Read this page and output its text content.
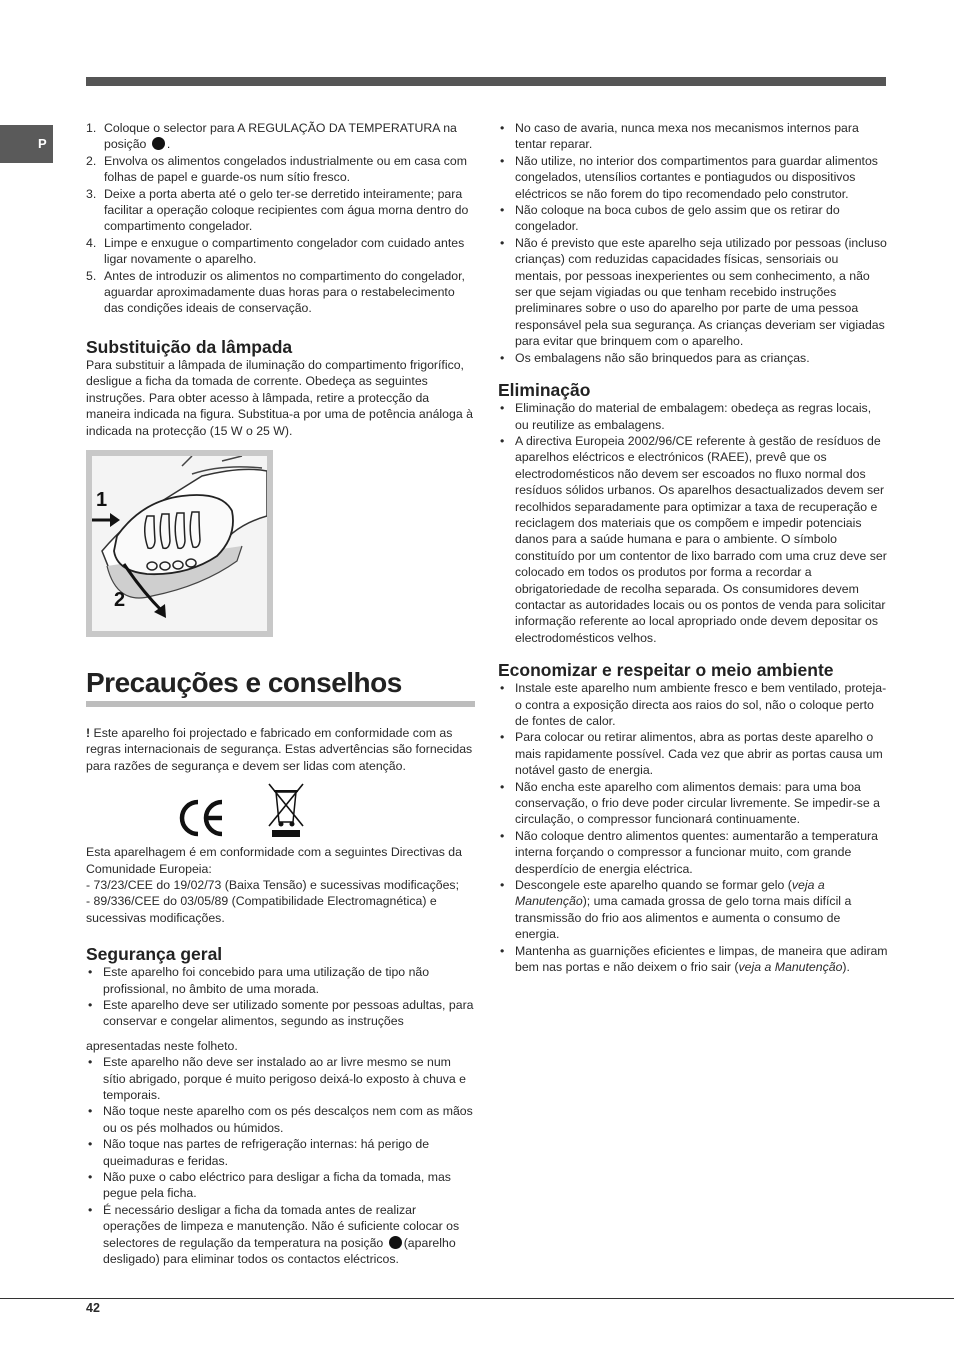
P
1. Coloque o selector para A REGULAÇÃO DA TEMPERATURA na posição .
2. Envolva os alimentos congelados industrialmente ou em casa com folhas de papel e guarde-os num sítio fresco.
3. Deixe a porta aberta até o gelo ter-se derretido inteiramente; para facilitar a operação coloque recipientes com água morna dentro do compartimento congelador.
4. Limpe e enxugue o compartimento congelador com cuidado antes ligar novamente o aparelho.
5. Antes de introduzir os alimentos no compartimento do congelador, aguardar aproximadamente duas horas para o restabelecimento das condições ideais de conservação.
Substituição da lâmpada

Para substituir a lâmpada de iluminação do compartimento frigorífico, desligue a ficha da tomada de corrente. Obedeça as seguintes instruções. Para obter acesso à lâmpada, retire a protecção da maneira indicada na figura. Substitua-a por uma de potência análoga à indicada na protecção (15 W o 25 W).

1
2
Precauções e conselhos

! Este aparelho foi projectado e fabricado em conformidade com as regras internacionais de segurança. Estas advertências são fornecidas para razões de segurança e devem ser lidas com atenção.

Esta aparelhagem é em conformidade com a seguintes Directivas da Comunidade Europeia:
- 73/23/CEE do 19/02/73 (Baixa Tensão) e sucessivas modificações;
- 89/336/CEE do 03/05/89 (Compatibilidade Electromagnética) e sucessivas modificações.

Segurança geral
• Este aparelho foi concebido para uma utilização de tipo não profissional, no âmbito de uma morada.
• Este aparelho deve ser utilizado somente por pessoas adultas, para conservar e congelar alimentos, segundo as instruções

apresentadas neste folheto.

• Este aparelho não deve ser instalado ao ar livre mesmo se num sítio abrigado, porque é muito perigoso deixá-lo exposto à chuva e temporais.
• Não toque neste aparelho com os pés descalços nem com as mãos ou os pés molhados ou húmidos.
• Não toque nas partes de refrigeração internas: há perigo de queimaduras e feridas.
• Não puxe o cabo eléctrico para desligar a ficha da tomada, mas pegue pela ficha.
• É necessário desligar a ficha da tomada antes de realizar operações de limpeza e manutenção. Não é suficiente colocar os selectores de regulação da temperatura na posição (aparelho desligado) para eliminar todos os contactos eléctricos.
• No caso de avaria, nunca mexa nos mecanismos internos para tentar reparar.
• Não utilize, no interior dos compartimentos para guardar alimentos congelados, utensílios cortantes e pontiagudos ou dispositivos eléctricos se não forem do tipo recomendado pelo construtor.
• Não coloque na boca cubos de gelo assim que os retirar do congelador.
• Não é previsto que este aparelho seja utilizado por pessoas (incluso crianças) com reduzidas capacidades físicas, sensoriais ou mentais, por pessoas inexperientes ou sem conhecimento, a não ser que sejam vigiadas ou que tenham recebido instruções preliminares sobre o uso do aparelho por parte de uma pessoa responsável pela sua segurança. As crianças deveriam ser vigiadas para evitar que brinquem com o aparelho.
• Os embalagens não são brinquedos para as crianças.
Eliminação
• Eliminação do material de embalagem: obedeça as regras locais, ou reutilize as embalagens.
• A directiva Europeia 2002/96/CE referente à gestão de resíduos de aparelhos eléctricos e electrónicos (RAEE), prevê que os electrodomésticos não devem ser escoados no fluxo normal dos resíduos sólidos urbanos. Os aparelhos desactualizados devem ser recolhidos separadamente para optimizar a taxa de recuperação e reciclagem dos materiais que os compõem e impedir potenciais danos para a saúde humana e para o ambiente. O símbolo constituído por um contentor de lixo barrado com uma cruz deve ser colocado em todos os produtos por forma a recordar a obrigatoriedade de recolha separada. Os consumidores devem contactar as autoridades locais ou os pontos de venda para solicitar informação referente ao local apropriado onde devem depositar os electrodomésticos velhos.
Economizar e respeitar o meio ambiente
• Instale este aparelho num ambiente fresco e bem ventilado, proteja-o contra a exposição directa aos raios do sol, não o coloque perto de fontes de calor.
• Para colocar ou retirar alimentos, abra as portas deste aparelho o mais rapidamente possível. Cada vez que abrir as portas causa um notável gasto de energia.
• Não encha este aparelho com alimentos demais: para uma boa conservação, o frio deve poder circular livremente. Se impedir-se a circulação, o compressor funcionará continuamente.
• Não coloque dentro alimentos quentes: aumentarão a temperatura interna forçando o compressor a funcionar muito, com grande desperdício de energia eléctrica.
• Descongele este aparelho quando se formar gelo (veja a Manutenção); uma camada grossa de gelo torna mais difícil a transmissão do frio aos alimentos e aumenta o consumo de energia.
• Mantenha as guarnições eficientes e limpas, de maneira que adiram bem nas portas e não deixem o frio sair (veja a Manutenção).
42
